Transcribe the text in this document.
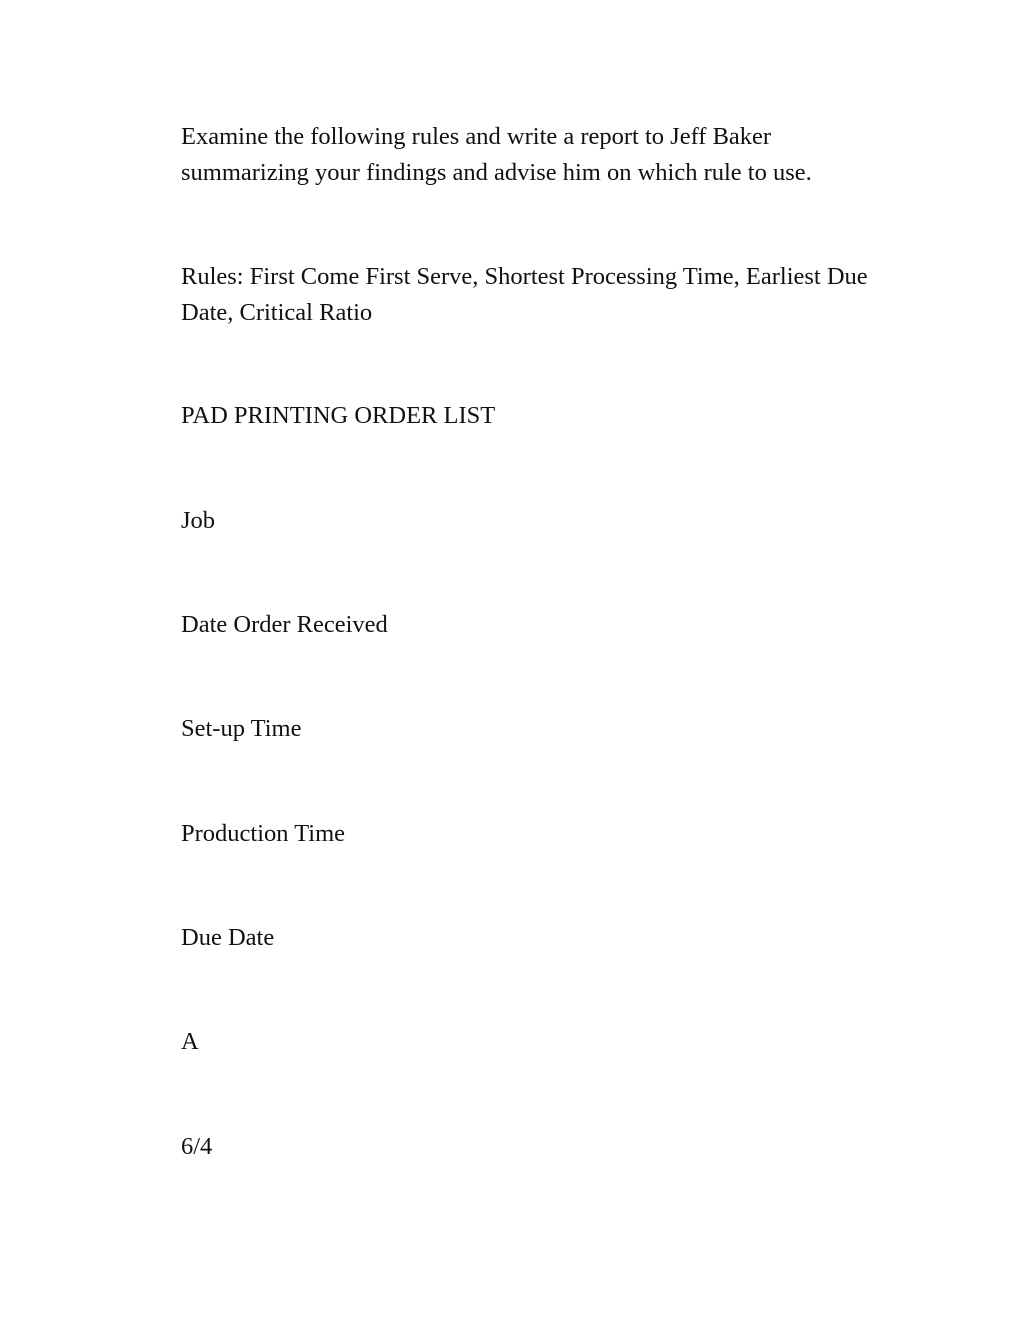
Examine the following rules and write a report to Jeff Baker summarizing your findings and advise him on which rule to use.

Rules: First Come First Serve, Shortest Processing Time, Earliest Due Date, Critical Ratio

PAD PRINTING ORDER LIST

Job

Date Order Received

Set-up Time

Production Time

Due Date

A

6/4
